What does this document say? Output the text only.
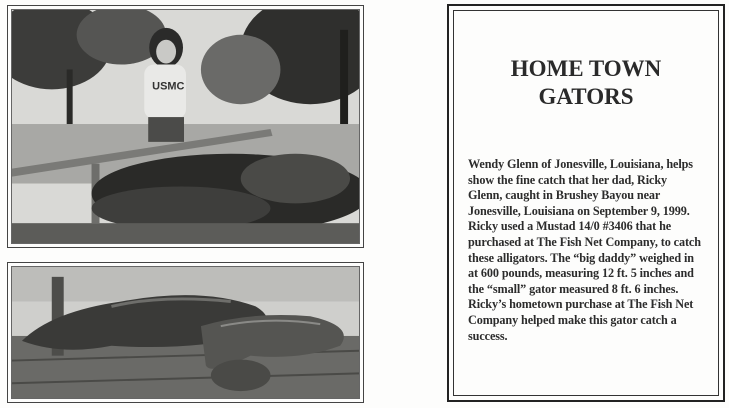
USMC
HOME TOWN
GATORS

Wendy Glenn of Jonesville, Louisiana, helps show the fine catch that her dad, Ricky Glenn, caught in Brushey Bayou near Jonesville, Louisiana on September 9, 1999. Ricky used a Mustad 14/0 #3406 that he purchased at The Fish Net Company, to catch these alligators. The “big daddy” weighed in at 600 pounds, measuring 12 ft. 5 inches and the “small” gator measured 8 ft. 6 inches. Ricky’s hometown purchase at The Fish Net Company helped make this gator catch a success.
